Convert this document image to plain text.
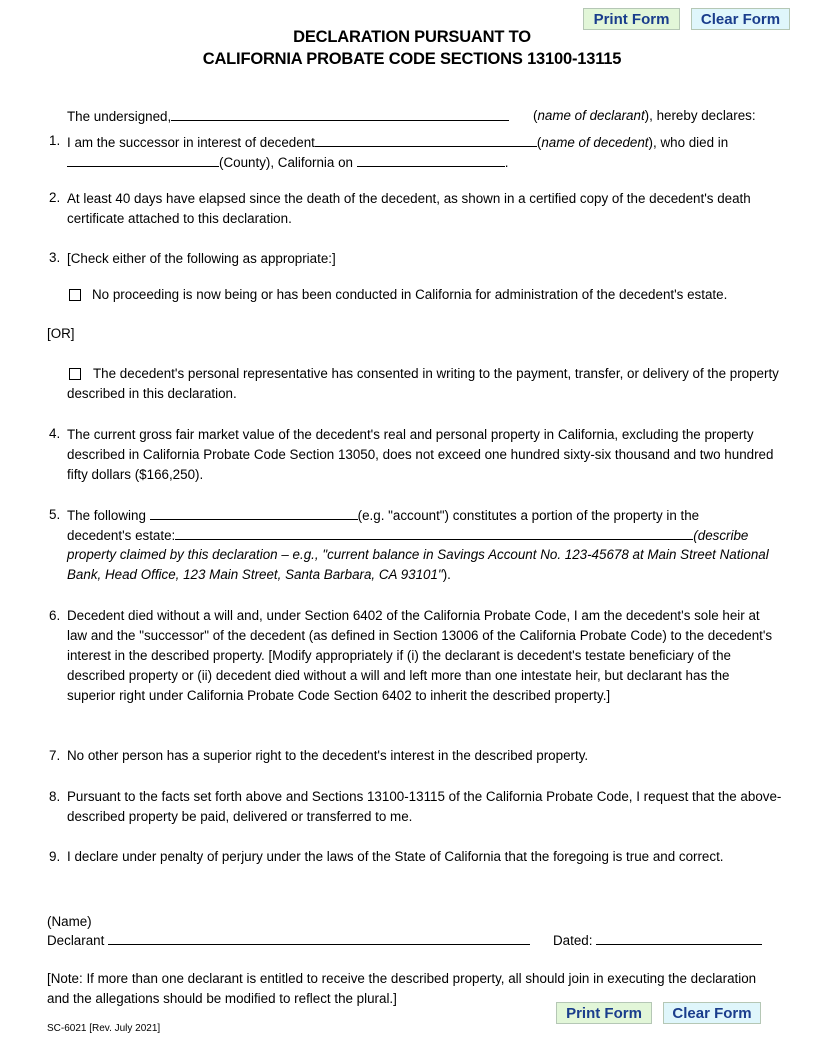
Print Form	Clear Form
DECLARATION PURSUANT TO
CALIFORNIA PROBATE CODE SECTIONS 13100-13115
The undersigned,	(name of declarant), hereby declares:
1. I am the successor in interest of decedent	(name of decedent), who died in
(County), California on	.
2. At least 40 days have elapsed since the death of the decedent, as shown in a certified copy of the decedent's death certificate attached to this declaration.
3. [Check either of the following as appropriate:]
No proceeding is now being or has been conducted in California for administration of the decedent's estate.
[OR]
The decedent's personal representative has consented in writing to the payment, transfer, or delivery of the property described in this declaration.
4. The current gross fair market value of the decedent's real and personal property in California, excluding the property described in California Probate Code Section 13050, does not exceed one hundred sixty-six thousand and two hundred fifty dollars ($166,250).
5. The following	(e.g. "account") constitutes a portion of the property in the
decedent's estate:	(describe
property claimed by this declaration – e.g., "current balance in Savings Account No. 123-45678 at Main Street National Bank, Head Office, 123 Main Street, Santa Barbara, CA 93101").
6. Decedent died without a will and, under Section 6402 of the California Probate Code, I am the decedent's sole heir at law and the "successor" of the decedent (as defined in Section 13006 of the California Probate Code) to the decedent's interest in the described property. [Modify appropriately if (i) the declarant is decedent's testate beneficiary of the described property or (ii) decedent died without a will and left more than one intestate heir, but declarant has the superior right under California Probate Code Section 6402 to inherit the described property.]
7. No other person has a superior right to the decedent's interest in the described property.
8. Pursuant to the facts set forth above and Sections 13100-13115 of the California Probate Code, I request that the above-described property be paid, delivered or transferred to me.
9. I declare under penalty of perjury under the laws of the State of California that the foregoing is true and correct.
(Name)
Declarant	Dated:
[Note: If more than one declarant is entitled to receive the described property, all should join in executing the declaration and the allegations should be modified to reflect the plural.]
Print Form	Clear Form
SC-6021 [Rev. July 2021]
